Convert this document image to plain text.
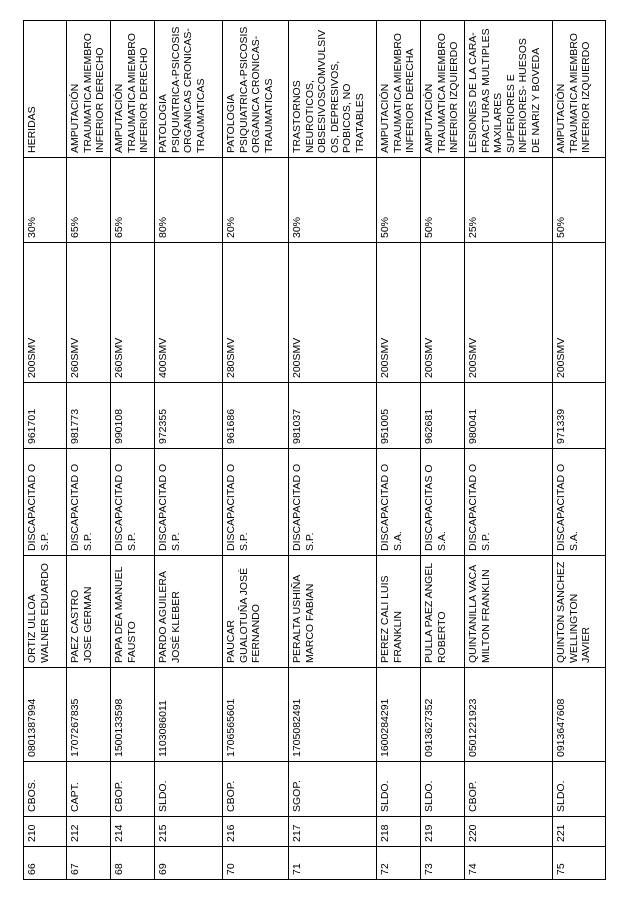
66	210	CBOS.	0801387994	ORTIZ ULLOA WALNER EDUARDO	DISCAPACITAD O S.P.	961701	200SMV	30%	HERIDAS
67	212	CAPT.	1707267835	PAEZ CASTRO JOSE GERMAN	DISCAPACITAD O S.P.	981773	260SMV	65%	AMPUTACIÓN TRAUMATICA MIEMBRO INFERIOR DERECHO
68	214	CBOP.	1500133598	PAPA DEA MANUEL FAUSTO	DISCAPACITAD O S.P.	990108	260SMV	65%	AMPUTACIÓN TRAUMATICA MIEMBRO INFERIOR DERECHO
69	215	SLDO.	1103086011	PARDO AGUILERA JOSÉ KLEBER	DISCAPACITAD O S.P.	972355	400SMV	80%	PATOLOGIA PSIQUIATRICA-PSICOSIS ORGANICAS CRONICAS-TRAUMATICAS
70	216	CBOP.	1706565601	PAUCAR GUALOTUÑA JOSÉ FERNANDO	DISCAPACITAD O S.P.	961686	280SMV	20%	PATOLOGIA PSIQUIATRICA-PSICOSIS ORGANICA CRONICAS-TRAUMATICAS
71	217	SGOP.	1705082491	PERALTA USHIÑA MARCO FABIAN	DISCAPACITAD O S.P.	981037	200SMV	30%	TRASTORNOS NEUROTICOS, OBSESIVOSCOMVULSIV OS, DEPRESIVOS, POBICOS, NO TRATABLES
72	218	SLDO.	1600284291	PEREZ CALI LUIS FRANKLIN	DISCAPACITAD O S.A.	951005	200SMV	50%	AMPUTACIÓN TRAUMATICA MIEMBRO INFERIOR DERECHA
73	219	SLDO.	0913627352	PULLA PAEZ ANGEL ROBERTO	DISCAPACITAS O S.A.	962681	200SMV	50%	AMPUTACIÓN TRAUMATICA MIEMBRO INFERIOR IZQUIERDO
74	220	CBOP.	0501221923	QUINTANILLA VACA MILTON FRANKLIN	DISCAPACITAD O S.P.	980041	200SMV	25%	LESIONES DE LA CARA-FRACTURAS MULTIPLES MAXILARES SUPERIORES E INFERIORES- HUESOS DE NARIZ Y BOVEDA
75	221	SLDO.	0913647608	QUINTON SANCHEZ WELLINGTON JAVIER	DISCAPACITAD O S.A.	971339	200SMV	50%	AMPUTACIÓN TRAUMATICA MIEMBRO INFERIOR IZQUIERDO
